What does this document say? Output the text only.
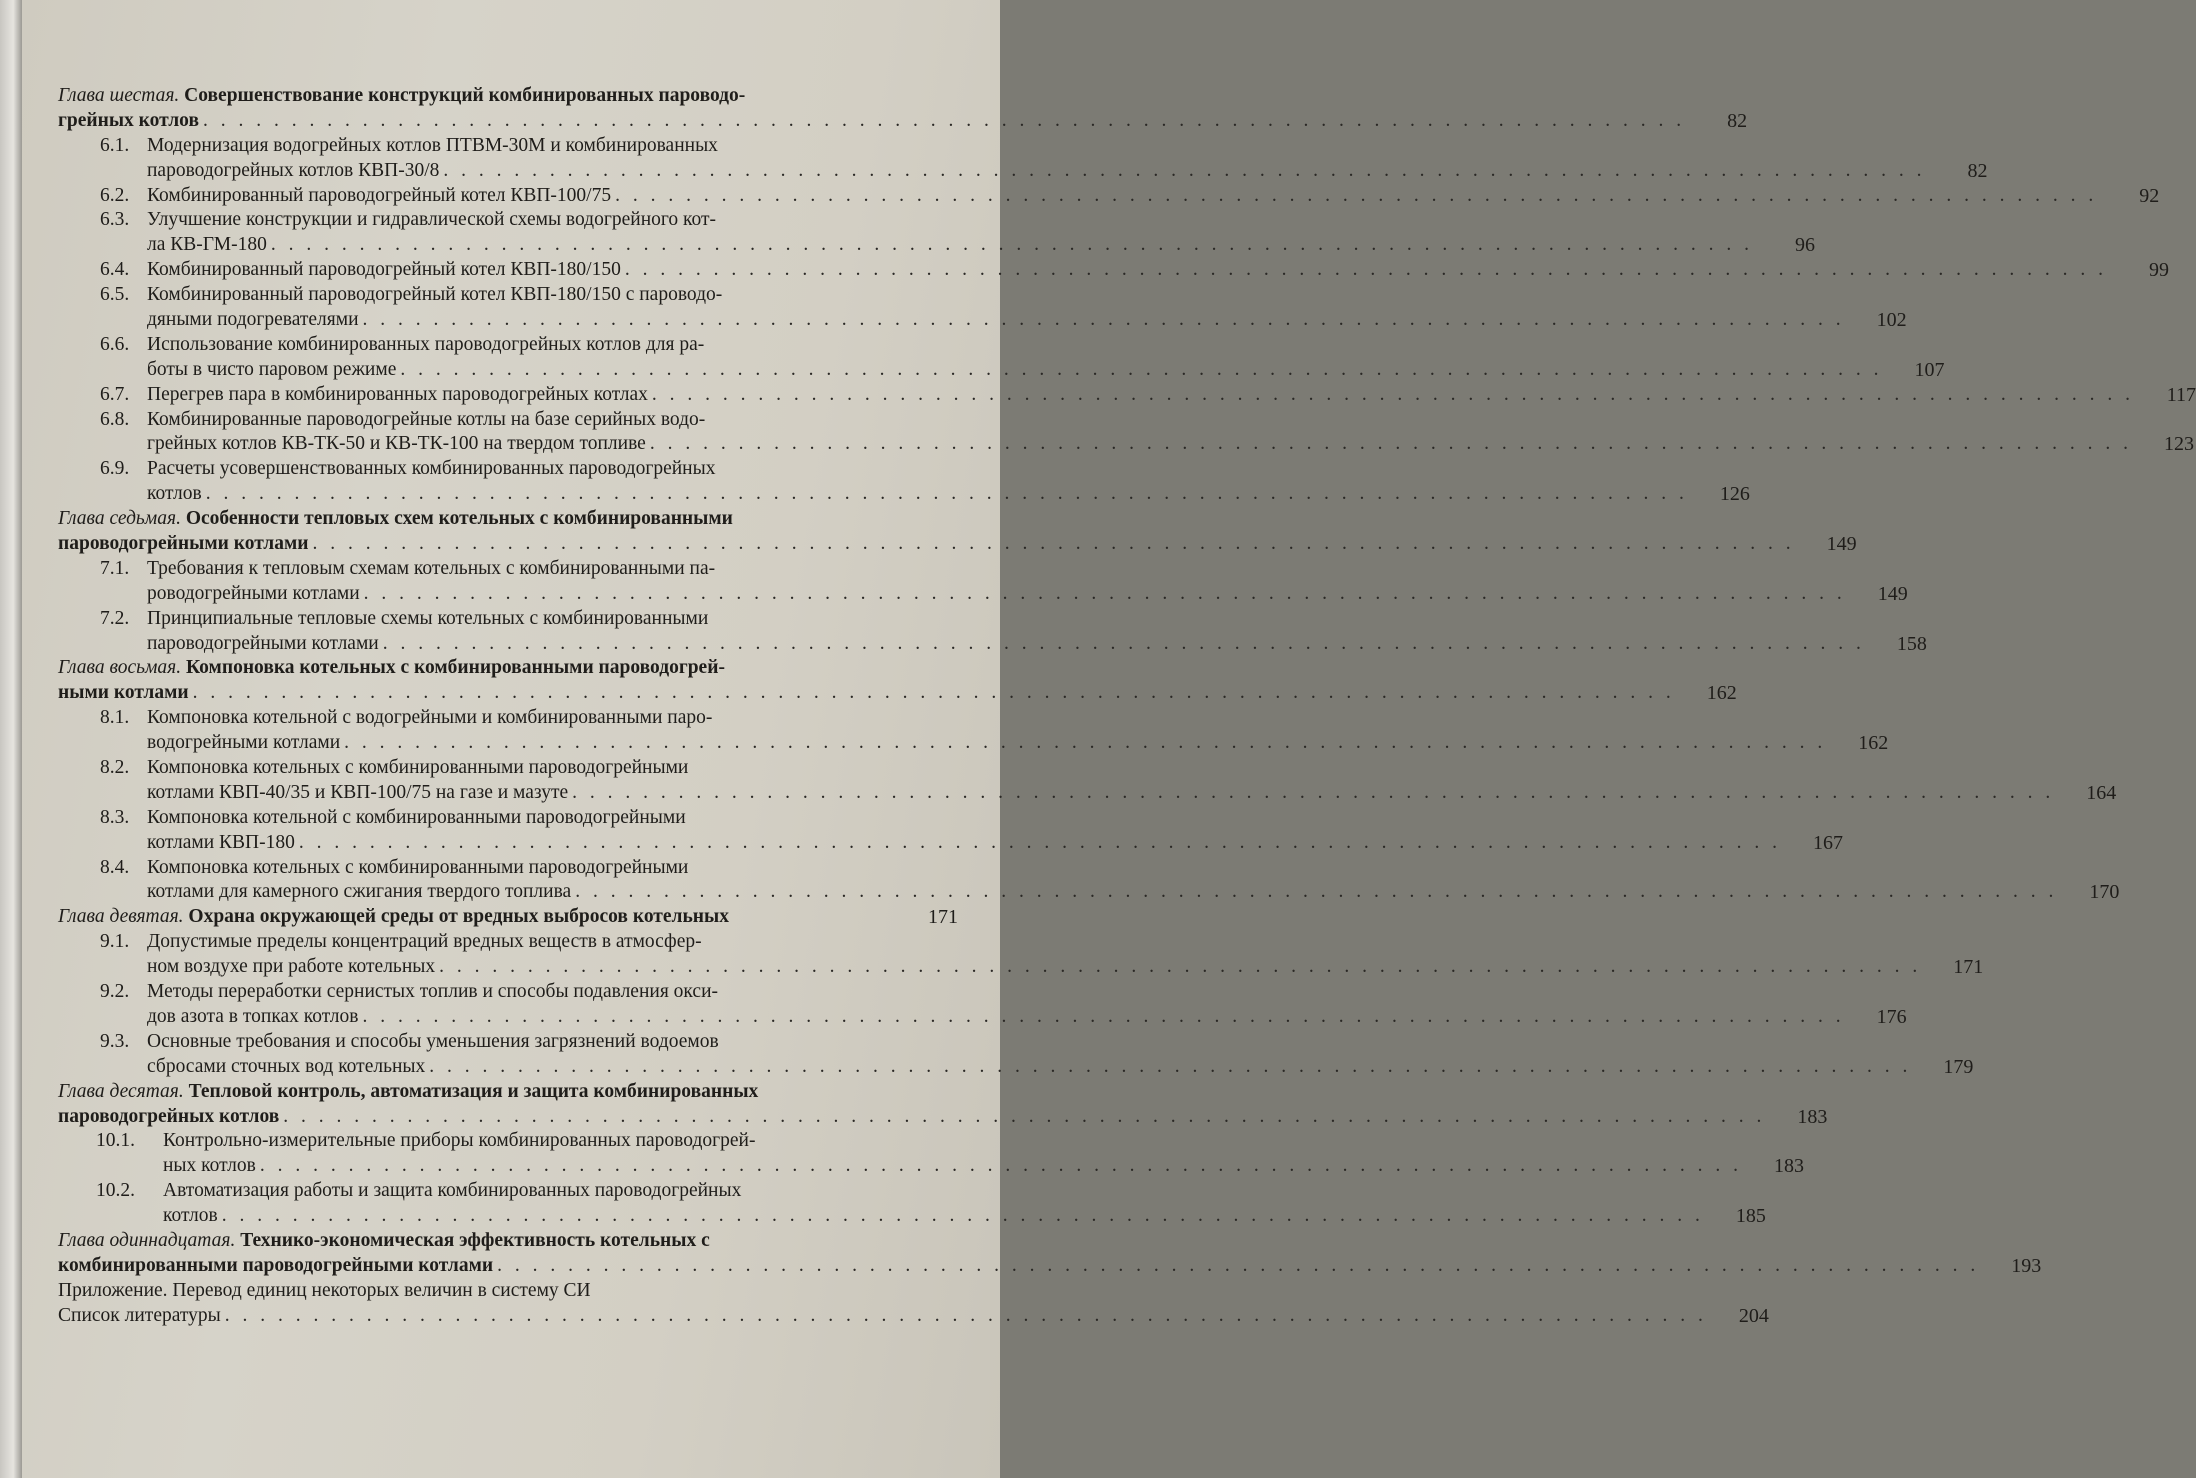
Глава шестая. Совершенствование конструкций комбинированных пароводо-
грейных котлов . . .	82
6.1. Модернизация водогрейных котлов ПТВМ-30М и комбинированных
пароводогрейных котлов КВП-30/8 . . .	82
6.2. Комбинированный пароводогрейный котел КВП-100/75 . . .	92
6.3. Улучшение конструкции и гидравлической схемы водогрейного кот-
ла КВ-ГМ-180 . . .	96
6.4. Комбинированный пароводогрейный котел КВП-180/150 . . .	99
6.5. Комбинированный пароводогрейный котел КВП-180/150 с пароводо-
дяными подогревателями . . .	102
6.6. Использование комбинированных пароводогрейных котлов для ра-
боты в чисто паровом режиме . . .	107
6.7. Перегрев пара в комбинированных пароводогрейных котлах . . .	117
6.8. Комбинированные пароводогрейные котлы на базе серийных водо-
грейных котлов КВ-ТК-50 и КВ-ТК-100 на твердом топливе . . .	123
6.9. Расчеты усовершенствованных комбинированных пароводогрейных
котлов . . .	126
Глава седьмая. Особенности тепловых схем котельных с комбинированными
пароводогрейными котлами . . .	149
7.1. Требования к тепловым схемам котельных с комбинированными па-
роводогрейными котлами . . .	149
7.2. Принципиальные тепловые схемы котельных с комбинированными
пароводогрейными котлами . . .	158
Глава восьмая. Компоновка котельных с комбинированными пароводогрей-
ными котлами . . .	162
8.1. Компоновка котельной с водогрейными и комбинированными паро-
водогрейными котлами . . .	162
8.2. Компоновка котельных с комбинированными пароводогрейными
котлами КВП-40/35 и КВП-100/75 на газе и мазуте . . .	164
8.3. Компоновка котельной с комбинированными пароводогрейными
котлами КВП-180 . . .	167
8.4. Компоновка котельных с комбинированными пароводогрейными
котлами для камерного сжигания твердого топлива . . .	170
Глава девятая. Охрана окружающей среды от вредных выбросов котельных	171
9.1. Допустимые пределы концентраций вредных веществ в атмосфер-
ном воздухе при работе котельных . . .	171
9.2. Методы переработки сернистых топлив и способы подавления окси-
дов азота в топках котлов . . .	176
9.3. Основные требования и способы уменьшения загрязнений водоемов
сбросами сточных вод котельных . . .	179
Глава десятая. Тепловой контроль, автоматизация и защита комбинированных
пароводогрейных котлов . . .	183
10.1.	Контрольно-измерительные приборы комбинированных пароводогрей-
ных котлов . . .	183
10.2.	Автоматизация работы и защита комбинированных пароводогрейных
котлов . . .	185
Глава одиннадцатая. Технико-экономическая эффективность котельных с
комбинированными пароводогрейными котлами . . .	193
Приложение. Перевод единиц некоторых величин в систему СИ
Список литературы . . .	204
